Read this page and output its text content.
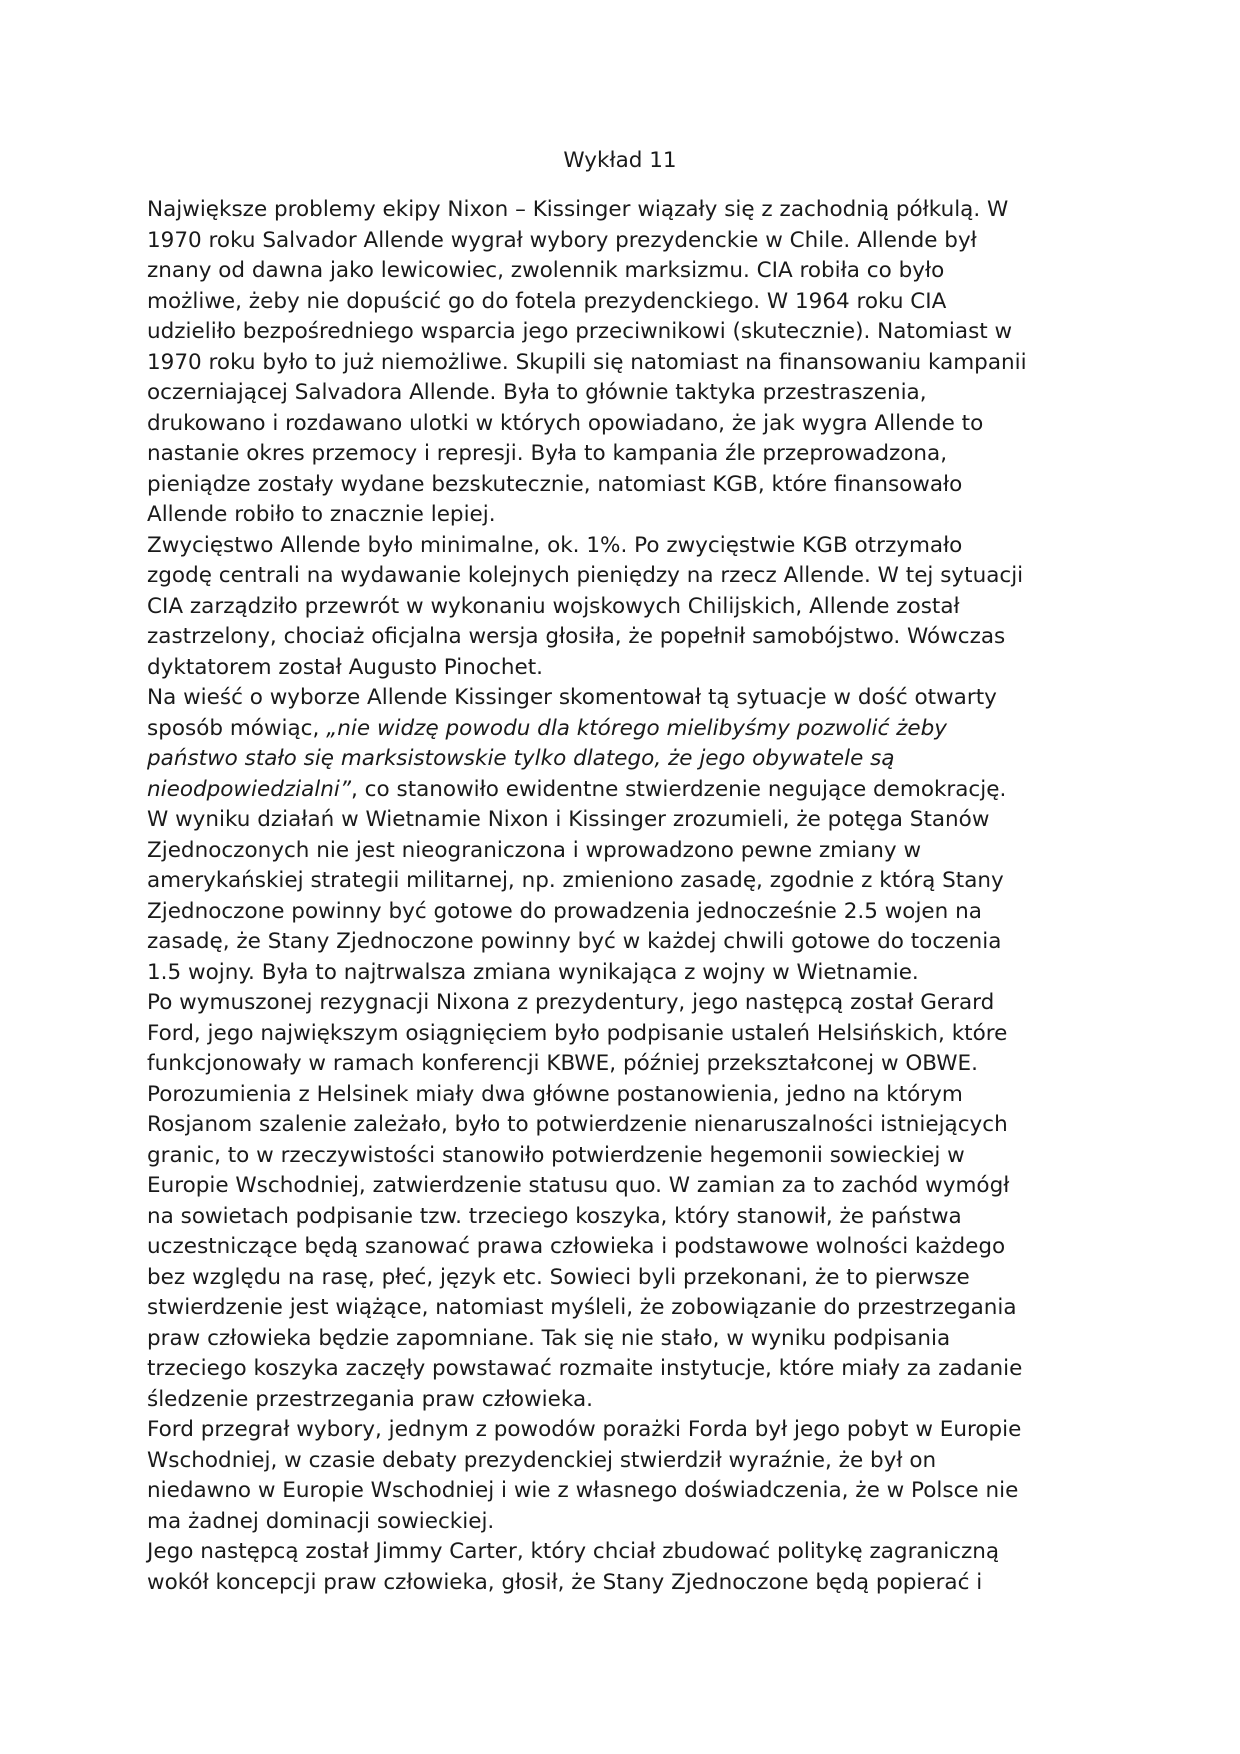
Wykład 11
Największe problemy ekipy Nixon – Kissinger wiązały się z zachodnią półkulą. W
1970 roku Salvador Allende wygrał wybory prezydenckie w Chile. Allende był
znany od dawna jako lewicowiec, zwolennik marksizmu. CIA robiła co było
możliwe, żeby nie dopuścić go do fotela prezydenckiego. W 1964 roku CIA
udzieliło bezpośredniego wsparcia jego przeciwnikowi (skutecznie). Natomiast w
1970 roku było to już niemożliwe. Skupili się natomiast na finansowaniu kampanii
oczerniającej Salvadora Allende. Była to głównie taktyka przestraszenia,
drukowano i rozdawano ulotki w których opowiadano, że jak wygra Allende to
nastanie okres przemocy i represji. Była to kampania źle przeprowadzona,
pieniądze zostały wydane bezskutecznie, natomiast KGB, które finansowało
Allende robiło to znacznie lepiej.
Zwycięstwo Allende było minimalne, ok. 1%. Po zwycięstwie KGB otrzymało
zgodę centrali na wydawanie kolejnych pieniędzy na rzecz Allende. W tej sytuacji
CIA zarządziło przewrót w wykonaniu wojskowych Chilijskich, Allende został
zastrzelony, chociaż oficjalna wersja głosiła, że popełnił samobójstwo. Wówczas
dyktatorem został Augusto Pinochet.
Na wieść o wyborze Allende Kissinger skomentował tą sytuacje w dość otwarty
sposób mówiąc, „nie widzę powodu dla którego mielibyśmy pozwolić żeby
państwo stało się marksistowskie tylko dlatego, że jego obywatele są
nieodpowiedzialni”, co stanowiło ewidentne stwierdzenie negujące demokrację.
W wyniku działań w Wietnamie Nixon i Kissinger zrozumieli, że potęga Stanów
Zjednoczonych nie jest nieograniczona i wprowadzono pewne zmiany w
amerykańskiej strategii militarnej, np. zmieniono zasadę, zgodnie z którą Stany
Zjednoczone powinny być gotowe do prowadzenia jednocześnie 2.5 wojen na
zasadę, że Stany Zjednoczone powinny być w każdej chwili gotowe do toczenia
1.5 wojny. Była to najtrwalsza zmiana wynikająca z wojny w Wietnamie.
Po wymuszonej rezygnacji Nixona z prezydentury, jego następcą został Gerard
Ford, jego największym osiągnięciem było podpisanie ustaleń Helsińskich, które
funkcjonowały w ramach konferencji KBWE, później przekształconej w OBWE.
Porozumienia z Helsinek miały dwa główne postanowienia, jedno na którym
Rosjanom szalenie zależało, było to potwierdzenie nienaruszalności istniejących
granic, to w rzeczywistości stanowiło potwierdzenie hegemonii sowieckiej w
Europie Wschodniej, zatwierdzenie statusu quo. W zamian za to zachód wymógł
na sowietach podpisanie tzw. trzeciego koszyka, który stanowił, że państwa
uczestniczące będą szanować prawa człowieka i podstawowe wolności każdego
bez względu na rasę, płeć, język etc. Sowieci byli przekonani, że to pierwsze
stwierdzenie jest wiążące, natomiast myśleli, że zobowiązanie do przestrzegania
praw człowieka będzie zapomniane. Tak się nie stało, w wyniku podpisania
trzeciego koszyka zaczęły powstawać rozmaite instytucje, które miały za zadanie
śledzenie przestrzegania praw człowieka.
Ford przegrał wybory, jednym z powodów porażki Forda był jego pobyt w Europie
Wschodniej, w czasie debaty prezydenckiej stwierdził wyraźnie, że był on
niedawno w Europie Wschodniej i wie z własnego doświadczenia, że w Polsce nie
ma żadnej dominacji sowieckiej.
Jego następcą został Jimmy Carter, który chciał zbudować politykę zagraniczną
wokół koncepcji praw człowieka, głosił, że Stany Zjednoczone będą popierać i
